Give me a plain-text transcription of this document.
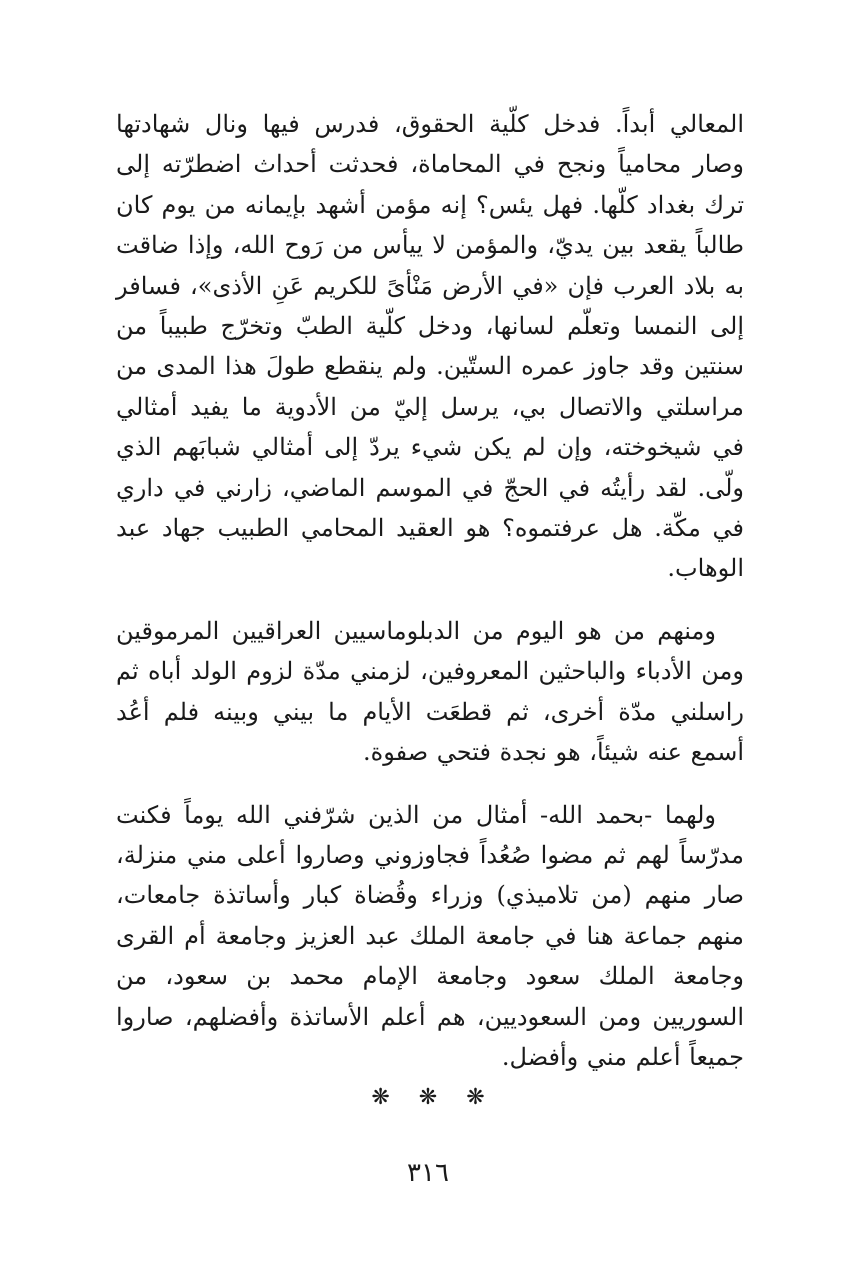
المعالي أبداً. فدخل كلّية الحقوق، فدرس فيها ونال شهادتها وصار محامياً ونجح في المحاماة، فحدثت أحداث اضطرّته إلى ترك بغداد كلّها. فهل يئس؟ إنه مؤمن أشهد بإيمانه من يوم كان طالباً يقعد بين يديّ، والمؤمن لا ييأس من رَوح الله، وإذا ضاقت به بلاد العرب فإن «في الأرض مَنْأىً للكريم عَنِ الأذى»، فسافر إلى النمسا وتعلّم لسانها، ودخل كلّية الطبّ وتخرّج طبيباً من سنتين وقد جاوز عمره الستّين. ولم ينقطع طولَ هذا المدى من مراسلتي والاتصال بي، يرسل إليّ من الأدوية ما يفيد أمثالي في شيخوخته، وإن لم يكن شيء يردّ إلى أمثالي شبابَهم الذي ولّى. لقد رأيتُه في الحجّ في الموسم الماضي، زارني في داري في مكّة. هل عرفتموه؟ هو العقيد المحامي الطبيب جهاد عبد الوهاب.

ومنهم من هو اليوم من الدبلوماسيين العراقيين المرموقين ومن الأدباء والباحثين المعروفين، لزمني مدّة لزوم الولد أباه ثم راسلني مدّة أخرى، ثم قطعَت الأيام ما بيني وبينه فلم أعُد أسمع عنه شيئاً، هو نجدة فتحي صفوة.

ولهما -بحمد الله- أمثال من الذين شرّفني الله يوماً فكنت مدرّساً لهم ثم مضوا صُعُداً فجاوزوني وصاروا أعلى مني منزلة، صار منهم (من تلاميذي) وزراء وقُضاة كبار وأساتذة جامعات، منهم جماعة هنا في جامعة الملك عبد العزيز وجامعة أم القرى وجامعة الملك سعود وجامعة الإمام محمد بن سعود، من السوريين ومن السعوديين، هم أعلم الأساتذة وأفضلهم، صاروا جميعاً أعلم مني وأفضل.

❋ ❋ ❋
٣١٦
